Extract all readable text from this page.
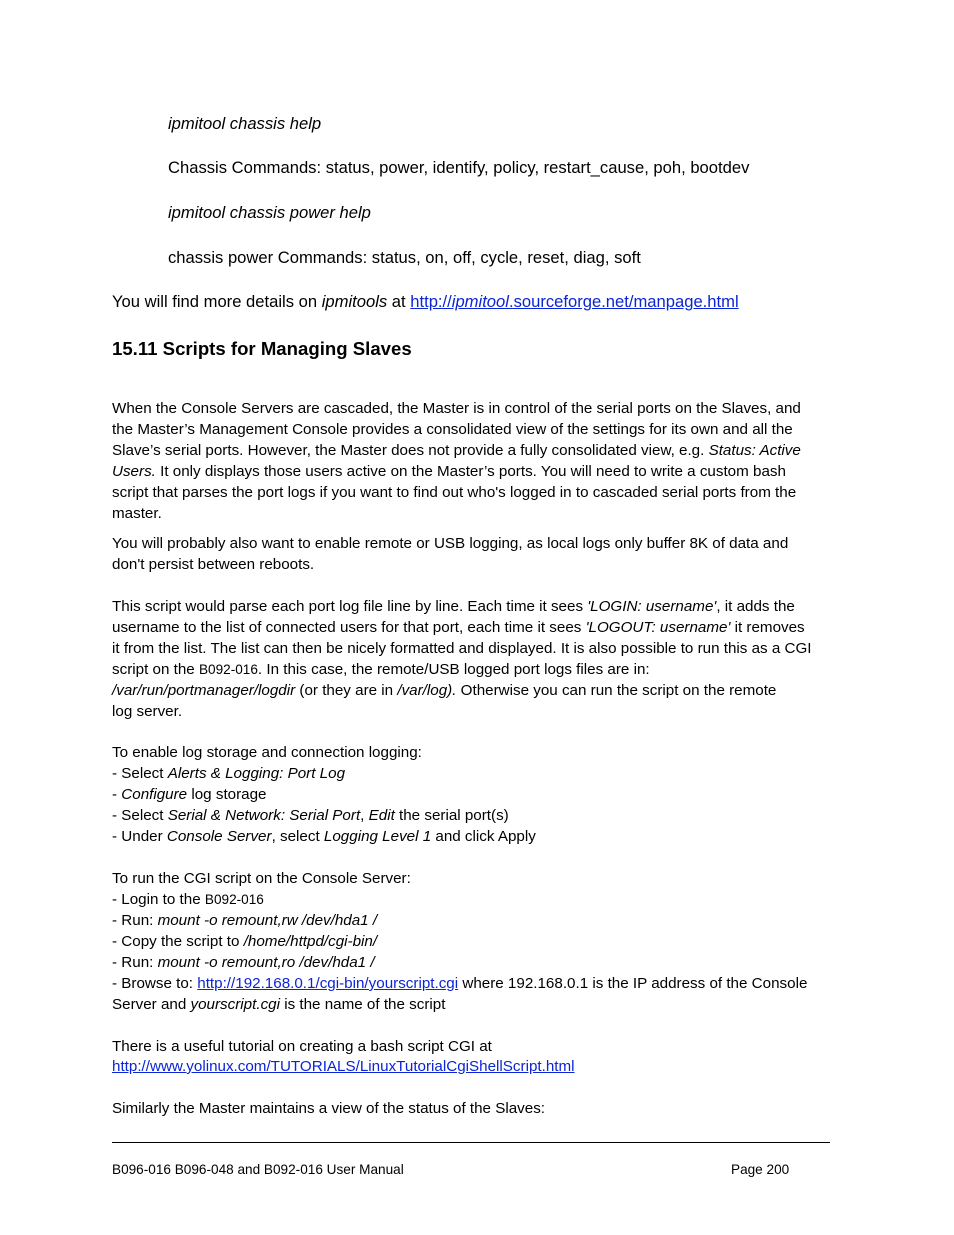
ipmitool chassis help
Chassis Commands: status, power, identify, policy, restart_cause, poh, bootdev
ipmitool chassis power help
chassis power Commands: status, on, off, cycle, reset, diag, soft
You will find more details on ipmitools at http://ipmitool.sourceforge.net/manpage.html
15.11 Scripts for Managing Slaves
When the Console Servers are cascaded, the Master is in control of the serial ports on the Slaves, and
the Master’s Management Console provides a consolidated view of the settings for its own and all the
Slave’s serial ports. However, the Master does not provide a fully consolidated view, e.g. Status: Active
Users. It only displays those users active on the Master’s ports. You will need to write a custom bash
script that parses the port logs if you want to find out who's logged in to cascaded serial ports from the
master.
You will probably also want to enable remote or USB logging, as local logs only buffer 8K of data and
don't persist between reboots.
This script would parse each port log file line by line. Each time it sees 'LOGIN: username', it adds the
username to the list of connected users for that port, each time it sees 'LOGOUT: username' it removes
it from the list. The list can then be nicely formatted and displayed. It is also possible to run this as a CGI
script on the B092-016. In this case, the remote/USB logged port logs files are in:
/var/run/portmanager/logdir (or they are in /var/log). Otherwise you can run the script on the remote
log server.
To enable log storage and connection logging:
- Select Alerts & Logging: Port Log
- Configure log storage
- Select Serial & Network: Serial Port, Edit the serial port(s)
- Under Console Server, select Logging Level 1 and click Apply
To run the CGI script on the Console Server:
- Login to the B092-016
- Run: mount -o remount,rw /dev/hda1 /
- Copy the script to /home/httpd/cgi-bin/
- Run: mount -o remount,ro /dev/hda1 /
- Browse to: http://192.168.0.1/cgi-bin/yourscript.cgi where 192.168.0.1 is the IP address of the Console
Server and yourscript.cgi is the name of the script
There is a useful tutorial on creating a bash script CGI at
http://www.yolinux.com/TUTORIALS/LinuxTutorialCgiShellScript.html
Similarly the Master maintains a view of the status of the Slaves:
B096-016 B096-048 and B092-016 User Manual	Page 200
